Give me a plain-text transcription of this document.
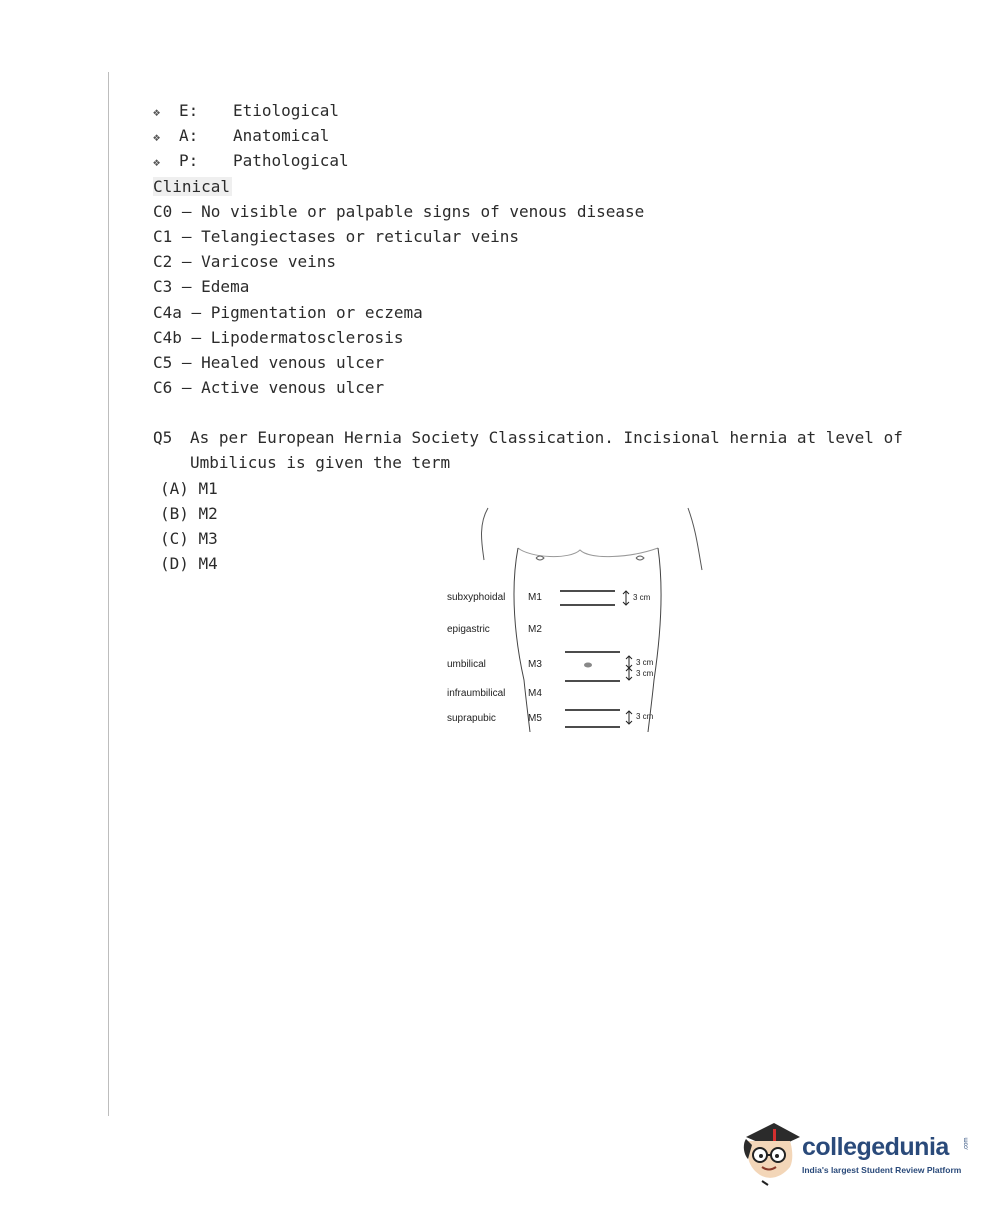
❖ E: Etiological
❖ A: Anatomical
❖ P: Pathological
Clinical
C0 – No visible or palpable signs of venous disease
C1 – Telangiectases or reticular veins
C2 – Varicose veins
C3 – Edema
C4a – Pigmentation or eczema
C4b – Lipodermatosclerosis
C5 – Healed venous ulcer
C6 – Active venous ulcer
Q5 As per European Hernia Society Classication. Incisional hernia at level of
Umbilicus is given the term
(A) M1
(B) M2
(C) M3
(D) M4
subxyphoidal
epigastric
umbilical
infraumbilical
suprapubic
M1
M2
M3
M4
M5
3 cm
3 cm
3 cm
3 cm
collegedunia .com
India's largest Student Review Platform
